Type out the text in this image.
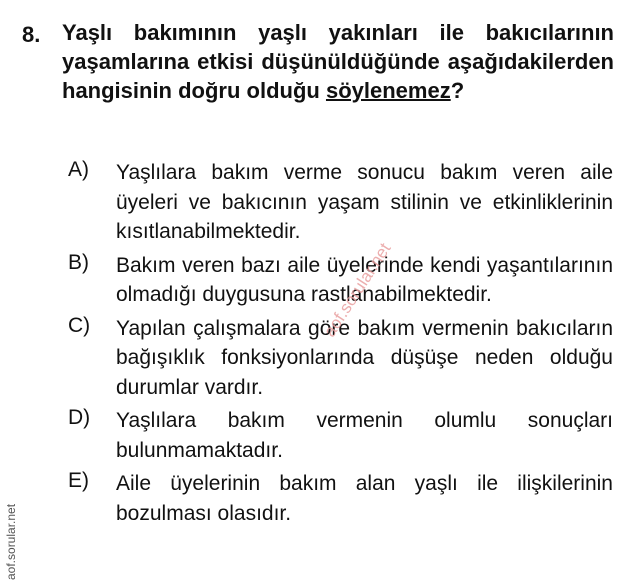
8. Yaşlı bakımının yaşlı yakınları ile bakıcılarının yaşamlarına etkisi düşünüldüğünde aşağıdakilerden hangisinin doğru olduğu söylenemez?
A) Yaşlılara bakım verme sonucu bakım veren aile üyeleri ve bakıcının yaşam stilinin ve etkinliklerinin kısıtlanabilmektedir.
B) Bakım veren bazı aile üyelerinde kendi yaşantılarının olmadığı duygusuna rastlanabilmektedir.
C) Yapılan çalışmalara göre bakım vermenin bakıcıların bağışıklık fonksiyonlarında düşüşe neden olduğu durumlar vardır.
D) Yaşlılara bakım vermenin olumlu sonuçları bulunmamaktadır.
E) Aile üyelerinin bakım alan yaşlı ile ilişkilerinin bozulması olasıdır.
aof.sorular.net
aof.sorular.net
